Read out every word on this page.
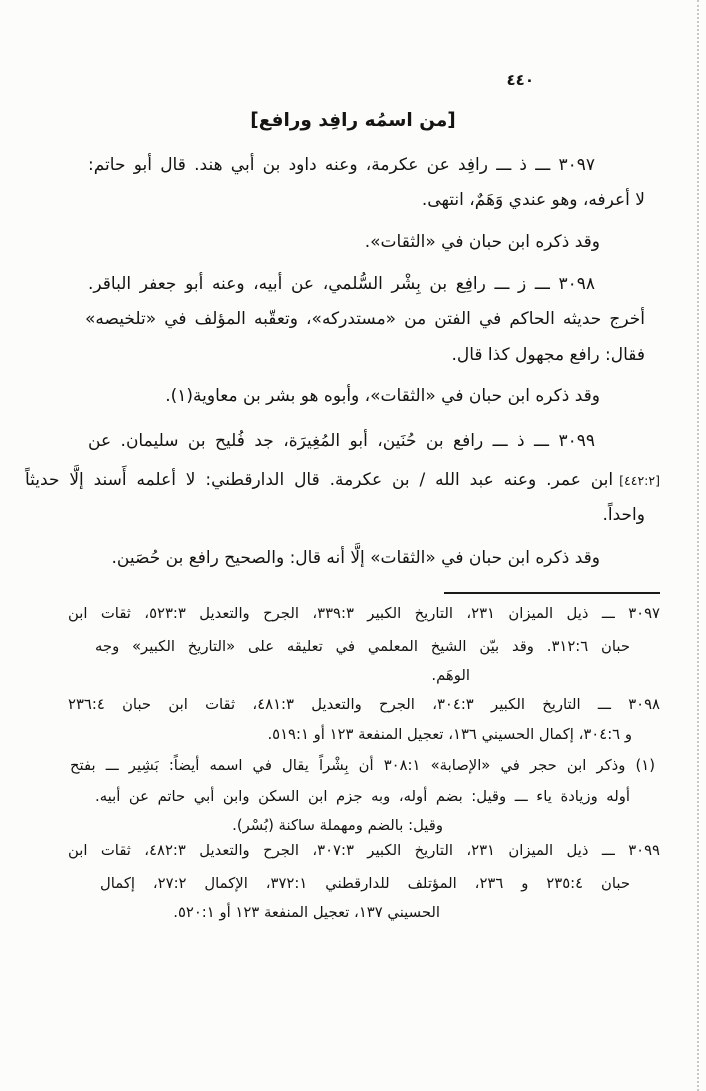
٤٤٠
[من اسمُه رافِد ورافع]
٣٠٩٧ ـــ ذ ـــ رافِد عن عكرمة، وعنه داود بن أبي هند. قال أبو حاتم:
لا أعرفه، وهو عندي وَهَمٌ، انتهى.
وقد ذكره ابن حبان في «الثقات».
٣٠٩٨ ـــ ز ـــ رافِع بن بِشْر السُّلمي، عن أبيه، وعنه أبو جعفر الباقر.
أخرج حديثه الحاكم في الفتن من «مستدركه»، وتعقّبه المؤلف في «تلخيصه»
فقال: رافع مجهول كذا قال.
وقد ذكره ابن حبان في «الثقات»، وأبوه هو بشر بن معاوية(١).
٣٠٩٩ ـــ ذ ـــ رافع بن حُنَين، أبو المُغِيرَة، جد فُليح بن سليمان. عن
[٤٤٢:٢]ابن عمر. وعنه عبد الله / بن عكرمة. قال الدارقطني: لا أعلمه أَسند إلَّا حديثاً
واحداً.
وقد ذكره ابن حبان في «الثقات» إلَّا أنه قال: والصحيح رافع بن حُصَين.
٣٠٩٧ ـــ ذيل الميزان ٢٣١، التاريخ الكبير ٣٣٩:٣، الجرح والتعديل ٥٢٣:٣، ثقات ابن
حبان ٣١٢:٦. وقد بيّن الشيخ المعلمي في تعليقه على «التاريخ الكبير» وجه
الوهَم.
٣٠٩٨ ـــ التاريخ الكبير ٣٠٤:٣، الجرح والتعديل ٤٨١:٣، ثقات ابن حبان ٢٣٦:٤
و ٣٠٤:٦، إكمال الحسيني ١٣٦، تعجيل المنفعة ١٢٣ أو ٥١٩:١.
(١) وذكر ابن حجر في «الإصابة» ٣٠٨:١ أن بِشْراً يقال في اسمه أيضاً: بَشِير ـــ بفتح
أوله وزيادة ياء ـــ وقيل: بضم أوله، وبه جزم ابن السكن وابن أبي حاتم عن أبيه.
وقيل: بالضم ومهملة ساكنة (بُسْر).
٣٠٩٩ ـــ ذيل الميزان ٢٣١، التاريخ الكبير ٣٠٧:٣، الجرح والتعديل ٤٨٢:٣، ثقات ابن
حبان ٢٣٥:٤ و ٢٣٦، المؤتلف للدارقطني ٣٧٢:١، الإكمال ٢٧:٢، إكمال
الحسيني ١٣٧، تعجيل المنفعة ١٢٣ أو ٥٢٠:١.
